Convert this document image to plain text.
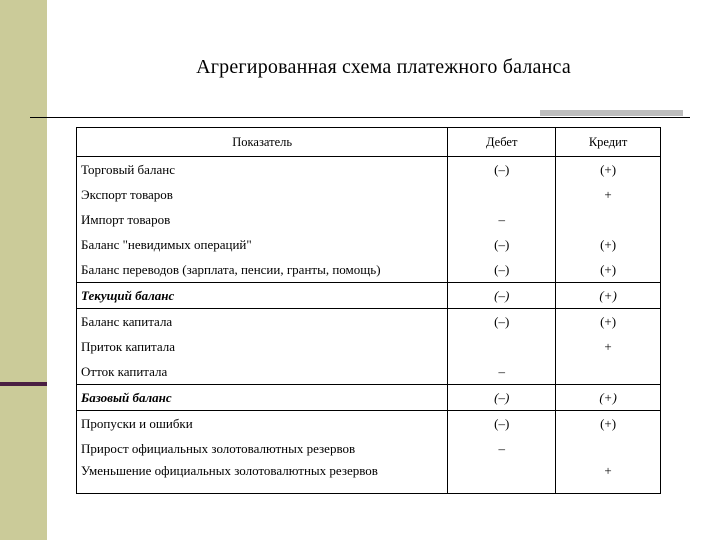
Агрегированная схема платежного баланса
Показатель	Дебет	Кредит
Торговый баланс	(–)	(+)
Экспорт товаров		+
Импорт товаров	–	
Баланс "невидимых операций"	(–)	(+)
Баланс переводов (зарплата, пенсии, гранты, помощь)	(–)	(+)
Текущий баланс	(–)	(+)
Баланс капитала	(–)	(+)
Приток капитала		+
Отток капитала	–	
Базовый баланс	(–)	(+)
Пропуски и ошибки	(–)	(+)
Прирост официальных золотовалютных резервов	–	
Уменьшение официальных золотовалютных резервов		+
